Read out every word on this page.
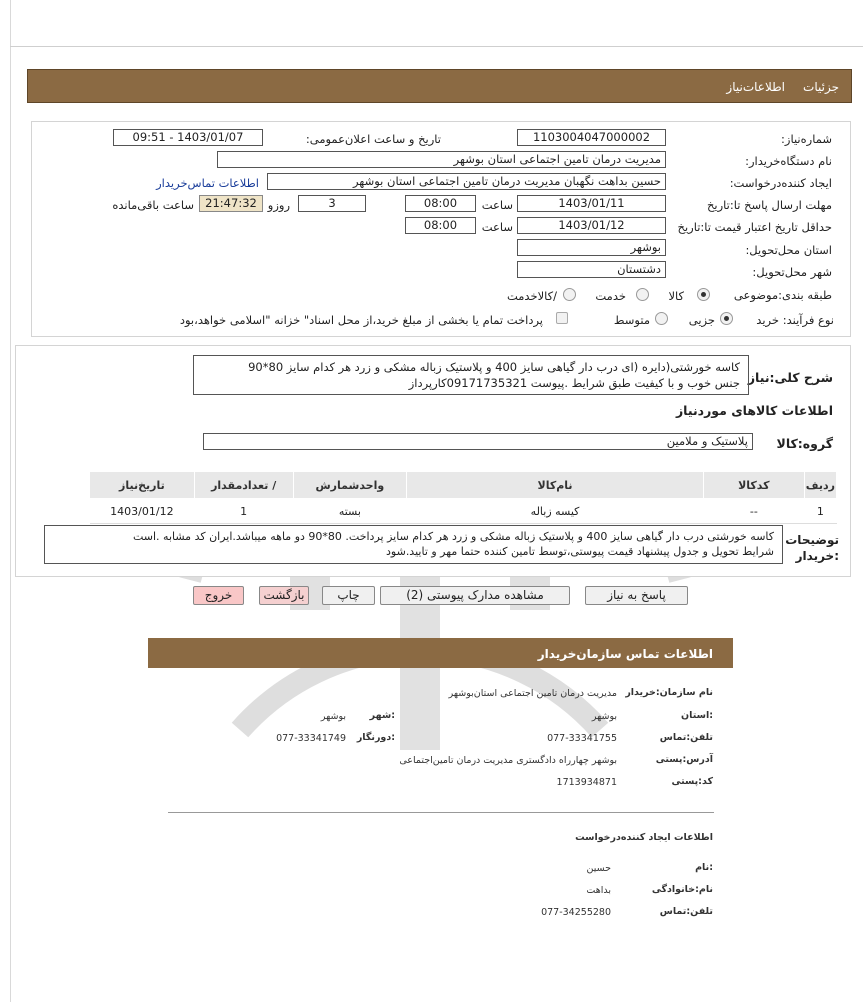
جزئیات
اطلاعات‌نیاز
شماره‌نیاز:
1103004047000002
تاریخ و ساعت اعلان‌عمومی:
1403/01/07 - 09:51
نام دستگاه‌خریدار:
مدیریت درمان تامین اجتماعی استان بوشهر
ایجاد کننده‌درخواست:
حسین بداهت نگهبان مدیریت درمان تامین اجتماعی استان بوشهر
اطلاعات تماس‌خریدار
مهلت ارسال پاسخ تا‌:تاریخ
1403/01/11
ساعت
08:00
3
روزو
21:47:32
ساعت باقی‌مانده
حداقل تاریخ اعتبار قیمت تا‌:تاریخ
1403/01/12
ساعت
08:00
استان محل‌تحویل:
بوشهر
شهر محل‌تحویل:
دشتستان
طبقه بندی‌:موضوعی
کالا
خدمت
/کالاخدمت
نوع فرآیند:
خرید
جزیی
متوسط
پرداخت تمام یا بخشی از مبلغ خرید،از محل اسناد" خزانه "اسلامی خواهد،بود
شرح کلی‌:نیاز
کاسه خورشتی(دایره (ای درب دار گیاهی سایز 400 و پلاستیک زباله مشکی و زرد هر کدام سایز 80*90
جنس خوب و با کیفیت طبق شرایط .پیوست 09171735321کارپرداز
اطلاعات کالاهای موردنیاز
گروه‌:کالا
پلاستیک و ملامین
ردیف	کدکالا	نام‌کالا	واحدشمارش	/ تعدادمقدار	تاریخ‌نیاز
1	--	کیسه زباله	بسته	1	1403/01/12
توضیحات
:خریدار
کاسه خورشتی درب دار گیاهی سایز 400 و پلاستیک زباله مشکی و زرد هر کدام سایز پرداخت. 80*90 دو ماهه میباشد.ایران کد مشابه .است
شرایط تحویل و جدول پیشنهاد قیمت پیوستی،توسط تامین کننده حتما مهر و تایید.شود
پاسخ به نیاز
مشاهده مدارک پیوستی (2)
چاپ
بازگشت
خروج
اطلاعات تماس سازمان‌خریدار
نام سازمان‌:خریدار
مدیریت درمان تامین اجتماعی استان‌بوشهر
:استان
بوشهر
:شهر
بوشهر
تلفن‌:تماس
077-33341755
:دورنگار
077-33341749
آدرس‌:پستی
بوشهر چهارراه دادگستری مدیریت درمان تامین‌اجتماعی
کد‌:پستی
1713934871
اطلاعات ایجاد کننده‌درخواست
:نام
حسین
نام‌:خانوادگی
بداهت
تلفن‌:تماس
077-34255280
